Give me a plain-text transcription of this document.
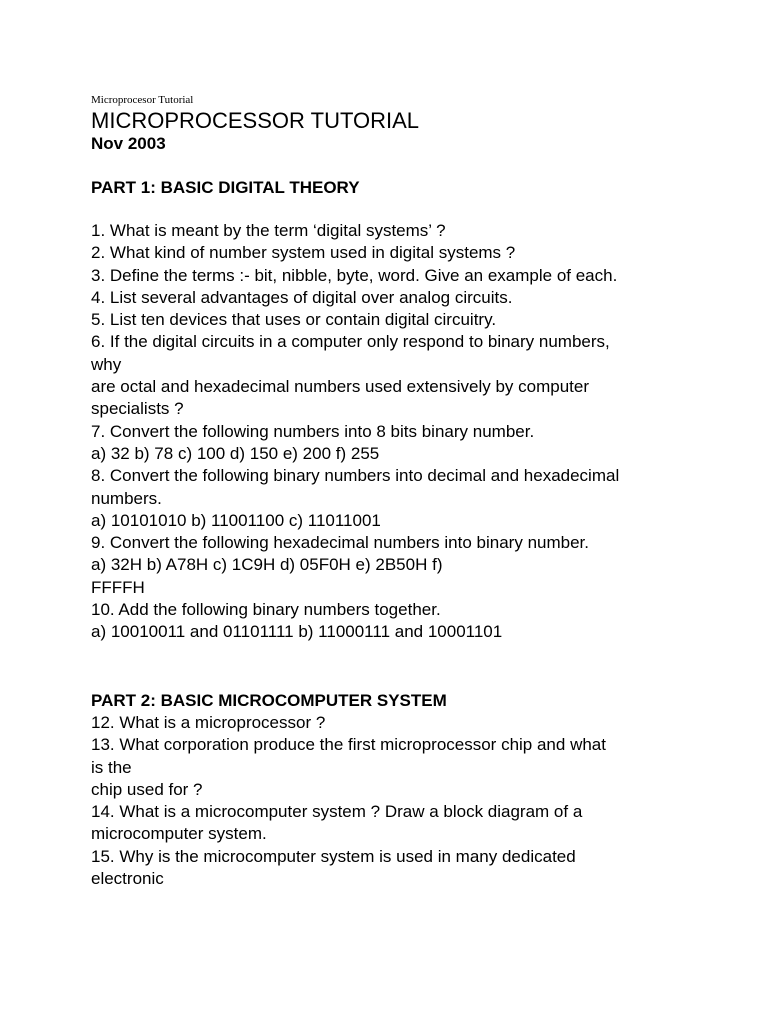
Microprocesor Tutorial
MICROPROCESSOR TUTORIAL
Nov 2003
PART 1: BASIC DIGITAL THEORY
1. What is meant by the term ‘digital systems’ ?
2. What kind of number system used in digital systems ?
3. Define the terms :- bit, nibble, byte, word. Give an example of each.
4. List several advantages of digital over analog circuits.
5. List ten devices that uses or contain digital circuitry.
6. If the digital circuits in a computer only respond to binary numbers,
why
are octal and hexadecimal numbers used extensively by computer
specialists ?
7. Convert the following numbers into 8 bits binary number.
a) 32 b) 78 c) 100 d) 150 e) 200 f) 255
8. Convert the following binary numbers into decimal and hexadecimal
numbers.
a) 10101010 b) 11001100 c) 11011001
9. Convert the following hexadecimal numbers into binary number.
a) 32H b) A78H c) 1C9H d) 05F0H e) 2B50H f)
FFFFH
10. Add the following binary numbers together.
a) 10010011 and 01101111 b) 11000111 and 10001101
PART 2: BASIC MICROCOMPUTER SYSTEM
12. What is a microprocessor ?
13. What corporation produce the first microprocessor chip and what
is the
chip used for ?
14. What is a microcomputer system ? Draw a block diagram of a
microcomputer system.
15. Why is the microcomputer system is used in many dedicated
electronic
